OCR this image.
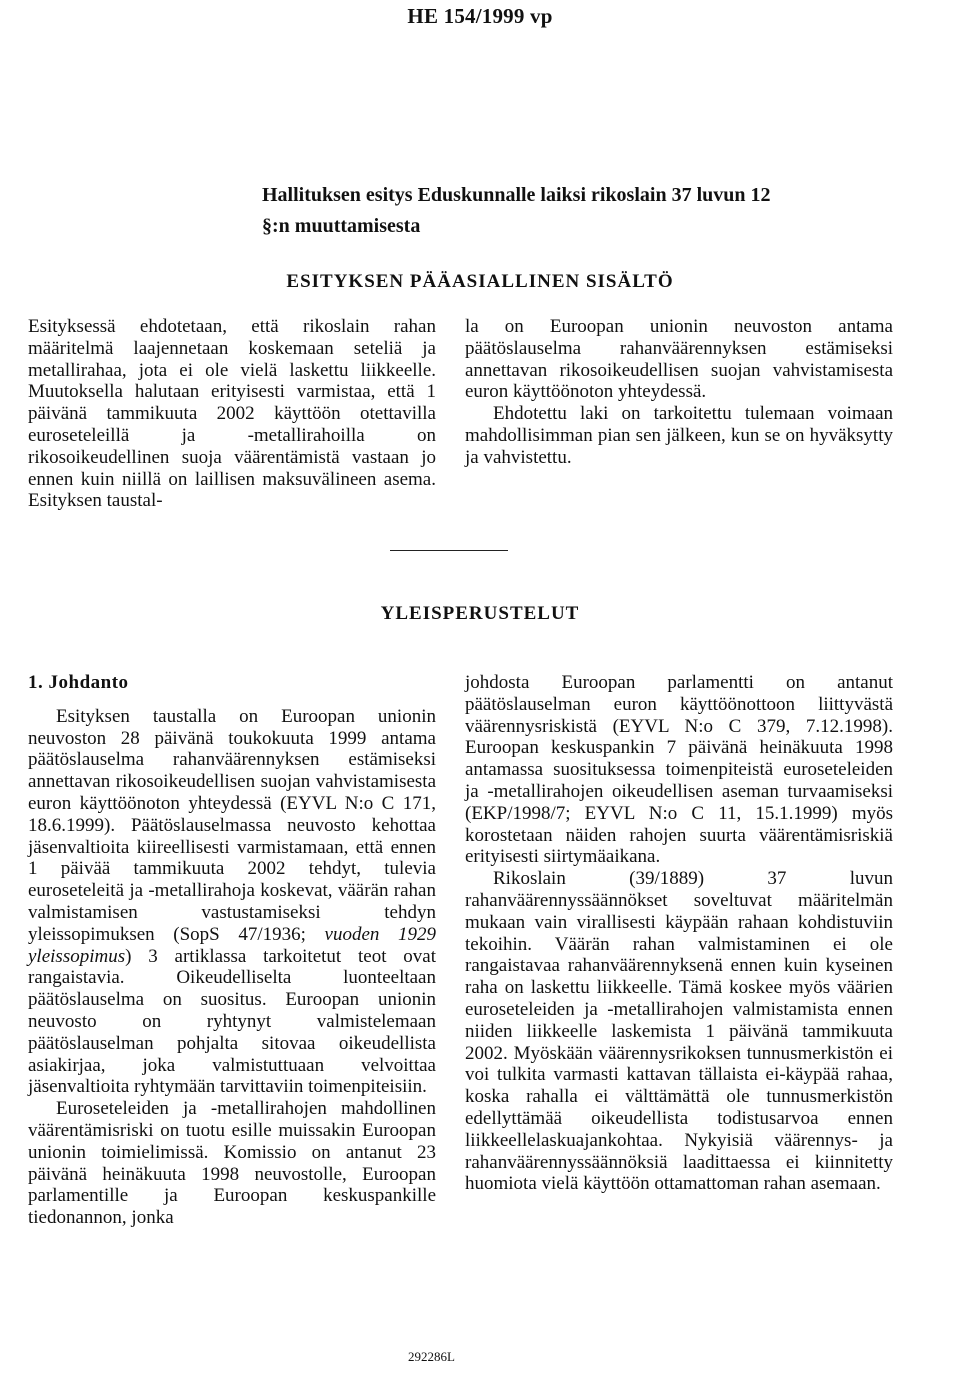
HE 154/1999 vp
Hallituksen esitys Eduskunnalle laiksi rikoslain 37 luvun 12
§:n muuttamisesta
ESITYKSEN PÄÄASIALLINEN SISÄLTÖ

Esityksessä ehdotetaan, että rikoslain rahan määritelmä laajennetaan koskemaan seteliä ja metallirahaa, jota ei ole vielä laskettu liikkeelle. Muutoksella halutaan erityisesti varmistaa, että 1 päivänä tammikuuta 2002 käyttöön otettavilla euroseteleillä ja -metallirahoilla on rikosoikeudellinen suoja väärentämistä vastaan jo ennen kuin niillä on laillisen maksuvälineen asema. Esityksen taustal-

la on Euroopan unionin neuvoston antama päätöslauselma rahanväärennyksen estämiseksi annettavan rikosoikeudellisen suojan vahvistamisesta euron käyttöönoton yhteydessä.

Ehdotettu laki on tarkoitettu tulemaan voimaan mahdollisimman pian sen jälkeen, kun se on hyväksytty ja vahvistettu.

YLEISPERUSTELUT

1. Johdanto

Esityksen taustalla on Euroopan unionin neuvoston 28 päivänä toukokuuta 1999 antama päätöslauselma rahanväärennyksen estämiseksi annettavan rikosoikeudellisen suojan vahvistamisesta euron käyttöönoton yhteydessä (EYVL N:o C 171, 18.6.1999). Päätöslauselmassa neuvosto kehottaa jäsenvaltioita kiireellisesti varmistamaan, että ennen 1 päivää tammikuuta 2002 tehdyt, tulevia euroseteleitä ja -metallirahoja koskevat, väärän rahan valmistamisen vastustamiseksi tehdyn yleissopimuksen (SopS 47/1936; vuoden 1929 yleissopimus) 3 artiklassa tarkoitetut teot ovat rangaistavia. Oikeudelliselta luonteeltaan päätöslauselma on suositus. Euroopan unionin neuvosto on ryhtynyt valmistelemaan päätöslauselman pohjalta sitovaa oikeudellista asiakirjaa, joka valmistuttuaan velvoittaa jäsenvaltioita ryhtymään tarvittaviin toimenpiteisiin.

Euroseteleiden ja -metallirahojen mahdollinen väärentämisriski on tuotu esille muissakin Euroopan unionin toimielimissä. Komissio on antanut 23 päivänä heinäkuuta 1998 neuvostolle, Euroopan parlamentille ja Euroopan keskuspankille tiedonannon, jonka

johdosta Euroopan parlamentti on antanut päätöslauselman euron käyttöönottoon liittyvästä väärennysriskistä (EYVL N:o C 379, 7.12.1998). Euroopan keskuspankin 7 päivänä heinäkuuta 1998 antamassa suosituksessa toimenpiteistä euroseteleiden ja -metallirahojen oikeudellisen aseman turvaamiseksi (EKP/1998/7; EYVL N:o C 11, 15.1.1999) myös korostetaan näiden rahojen suurta väärentämisriskiä erityisesti siirtymäaikana.

Rikoslain (39/1889) 37 luvun rahanväärennyssäännökset soveltuvat määritelmän mukaan vain virallisesti käypään rahaan kohdistuviin tekoihin. Väärän rahan valmistaminen ei ole rangaistavaa rahanväärennyksenä ennen kuin kyseinen raha on laskettu liikkeelle. Tämä koskee myös väärien euroseteleiden ja -metallirahojen valmistamista ennen niiden liikkeelle laskemista 1 päivänä tammikuuta 2002. Myöskään väärennysrikoksen tunnusmerkistön ei voi tulkita varmasti kattavan tällaista ei-käypää rahaa, koska rahalla ei välttämättä ole tunnusmerkistön edellyttämää oikeudellista todistusarvoa ennen liikkeellelaskuajankohtaa. Nykyisiä väärennys- ja rahanväärennyssäännöksiä laadittaessa ei kiinnitetty huomiota vielä käyttöön ottamattoman rahan asemaan.

292286L
